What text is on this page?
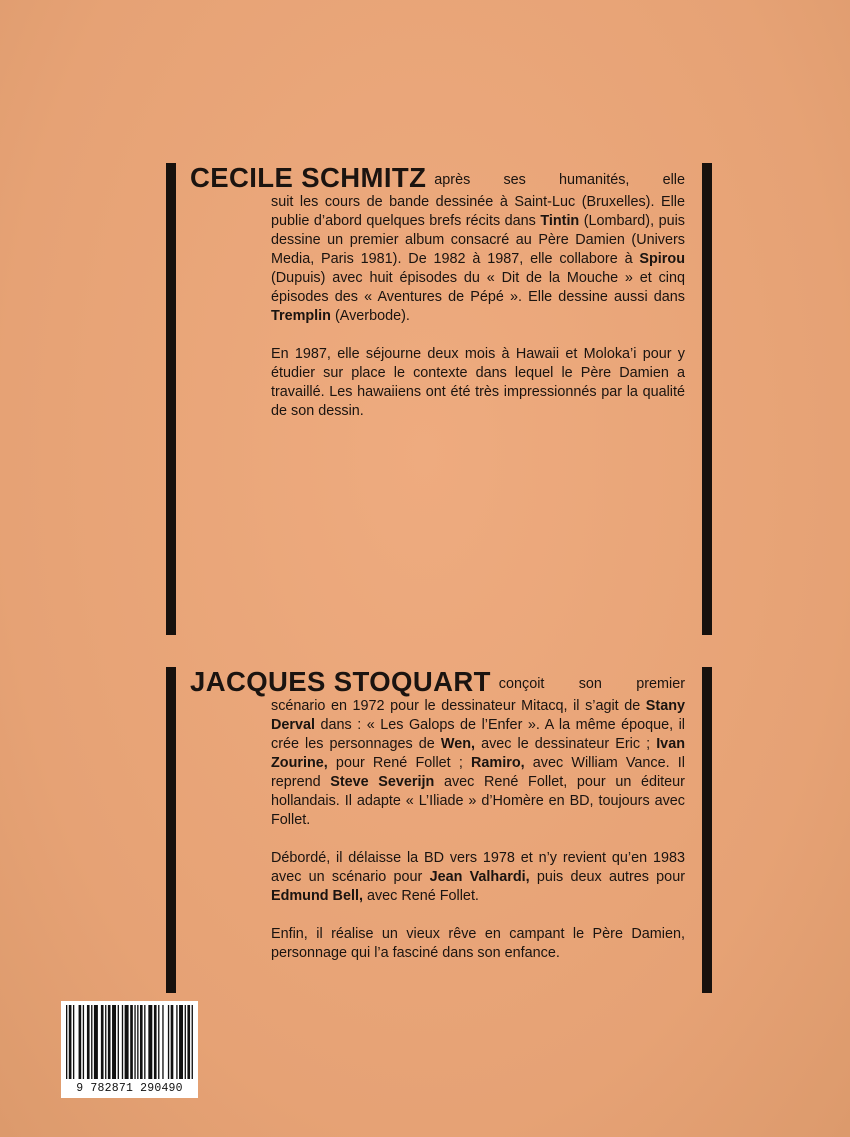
CECILE SCHMITZ après ses humanités, elle

suit les cours de bande dessinée à Saint-Luc (Bruxelles). Elle publie d’abord quelques brefs récits dans Tintin (Lombard), puis dessine un premier album consacré au Père Damien (Univers Media, Paris 1981). De 1982 à 1987, elle collabore à Spirou (Dupuis) avec huit épisodes du « Dit de la Mouche » et cinq épisodes des « Aventures de Pépé ». Elle dessine aussi dans Tremplin (Averbode).

En 1987, elle séjourne deux mois à Hawaii et Moloka’i pour y étudier sur place le contexte dans lequel le Père Damien a travaillé. Les hawaiiens ont été très impressionnés par la qualité de son dessin.

JACQUES STOQUART conçoit son premier

scénario en 1972 pour le dessinateur Mitacq, il s’agit de Stany Derval dans : « Les Galops de l’Enfer ». A la même époque, il crée les personnages de Wen, avec le dessinateur Eric ; Ivan Zourine, pour René Follet ; Ramiro, avec William Vance. Il reprend Steve Severijn avec René Follet, pour un éditeur hollandais. Il adapte « L’Iliade » d’Homère en BD, toujours avec Follet.

Débordé, il délaisse la BD vers 1978 et n’y revient qu’en 1983 avec un scénario pour Jean Valhardi, puis deux autres pour Edmund Bell, avec René Follet.

Enfin, il réalise un vieux rêve en campant le Père Damien, personnage qui l’a fasciné dans son enfance.

9 782871 290490
